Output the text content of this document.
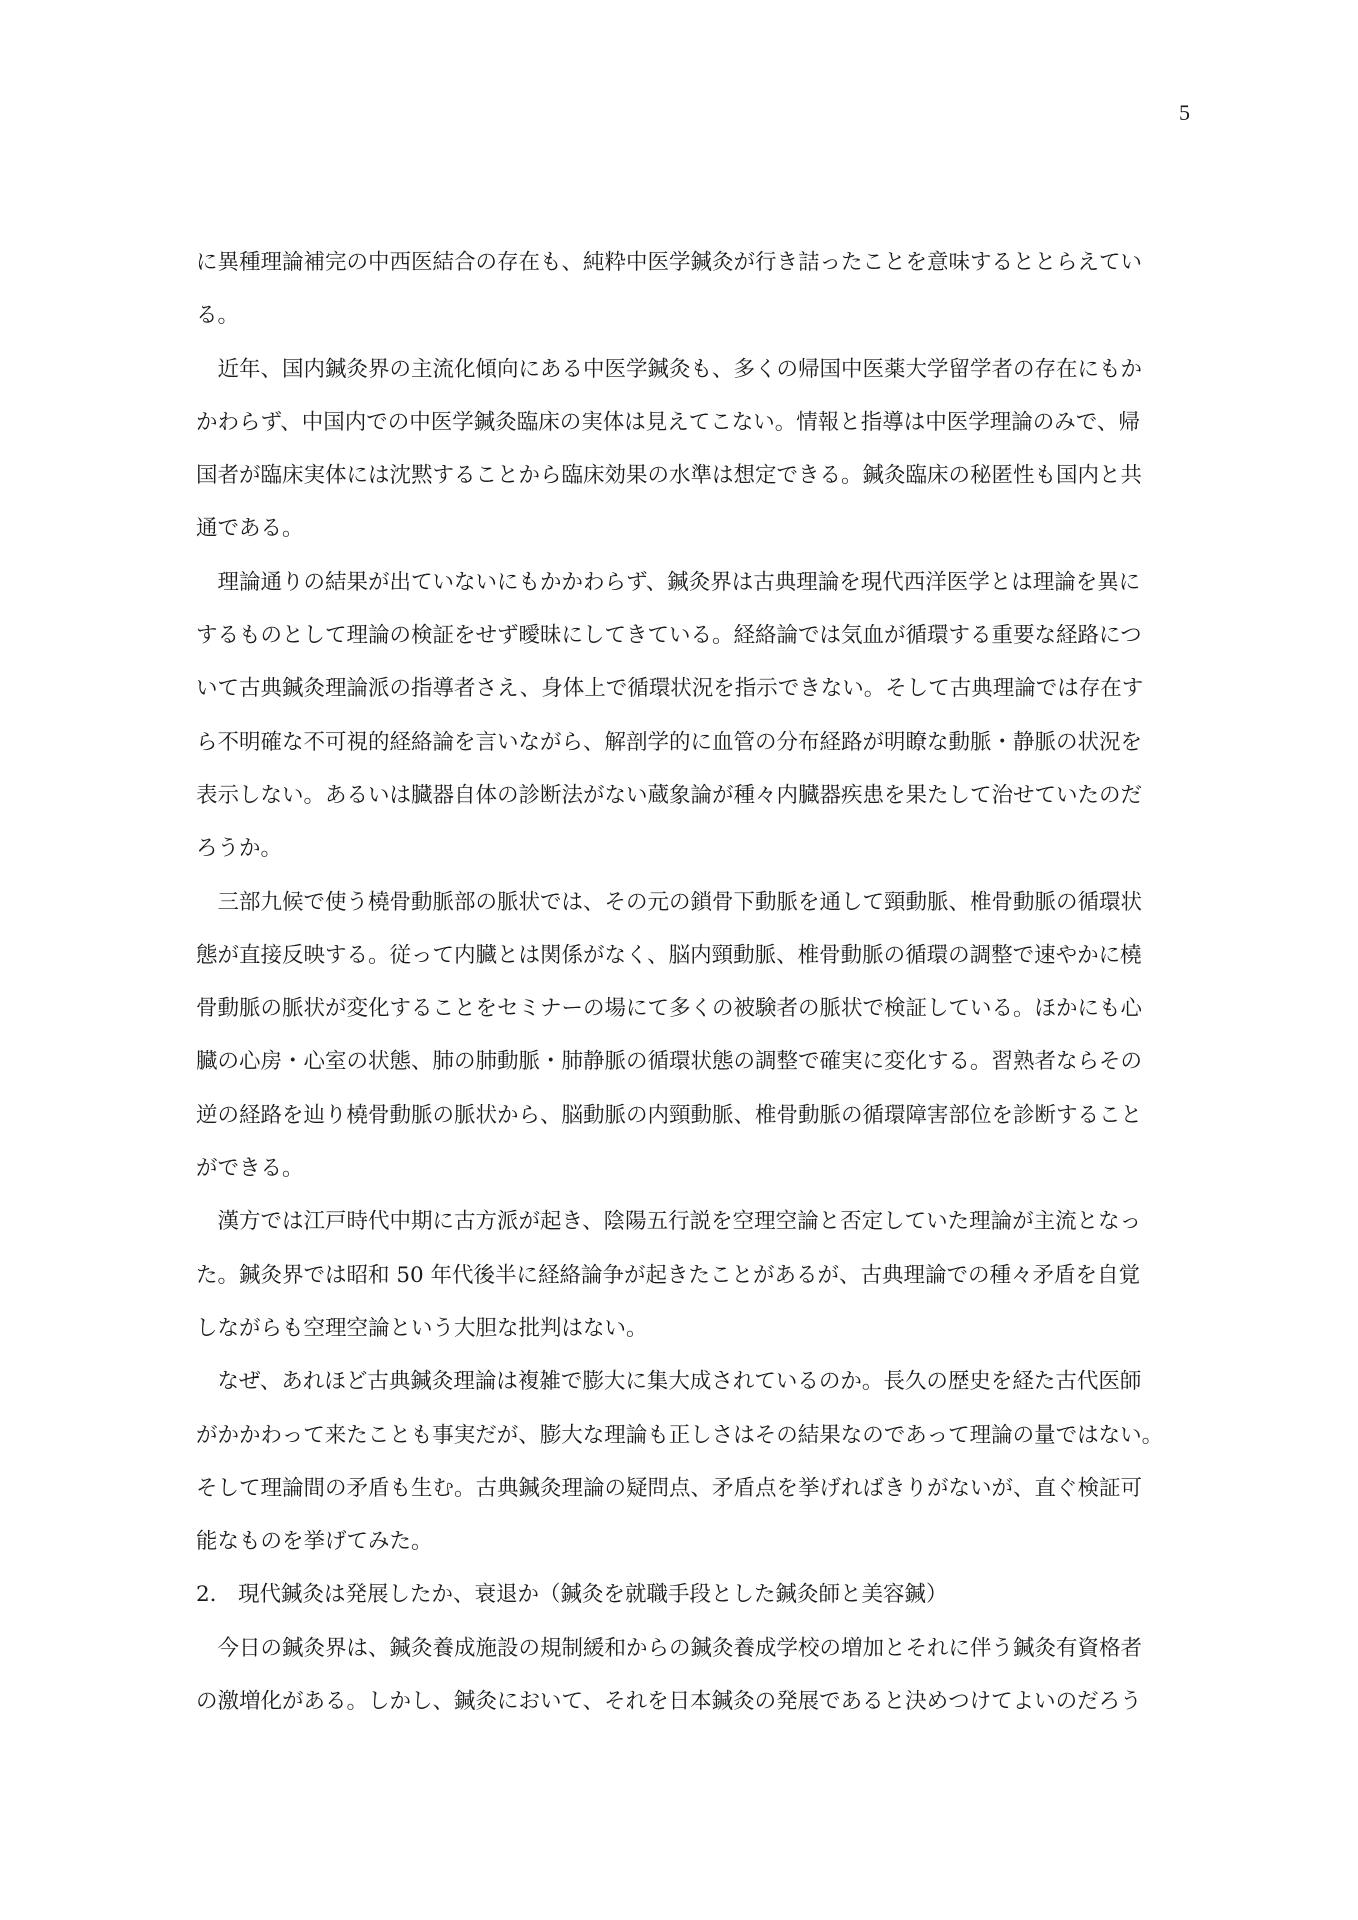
5
に異種理論補完の中西医結合の存在も、純粋中医学鍼灸が行き詰ったことを意味するととらえてい
る。
　近年、国内鍼灸界の主流化傾向にある中医学鍼灸も、多くの帰国中医薬大学留学者の存在にもか
かわらず、中国内での中医学鍼灸臨床の実体は見えてこない。情報と指導は中医学理論のみで、帰
国者が臨床実体には沈黙することから臨床効果の水準は想定できる。鍼灸臨床の秘匿性も国内と共
通である。
　理論通りの結果が出ていないにもかかわらず、鍼灸界は古典理論を現代西洋医学とは理論を異に
するものとして理論の検証をせず曖昧にしてきている。経絡論では気血が循環する重要な経路につ
いて古典鍼灸理論派の指導者さえ、身体上で循環状況を指示できない。そして古典理論では存在す
ら不明確な不可視的経絡論を言いながら、解剖学的に血管の分布経路が明瞭な動脈・静脈の状況を
表示しない。あるいは臓器自体の診断法がない蔵象論が種々内臓器疾患を果たして治せていたのだ
ろうか。
　三部九候で使う橈骨動脈部の脈状では、その元の鎖骨下動脈を通して頸動脈、椎骨動脈の循環状
態が直接反映する。従って内臓とは関係がなく、脳内頸動脈、椎骨動脈の循環の調整で速やかに橈
骨動脈の脈状が変化することをセミナーの場にて多くの被験者の脈状で検証している。ほかにも心
臓の心房・心室の状態、肺の肺動脈・肺静脈の循環状態の調整で確実に変化する。習熟者ならその
逆の経路を辿り橈骨動脈の脈状から、脳動脈の内頸動脈、椎骨動脈の循環障害部位を診断すること
ができる。
　漢方では江戸時代中期に古方派が起き、陰陽五行説を空理空論と否定していた理論が主流となっ
た。鍼灸界では昭和 50 年代後半に経絡論争が起きたことがあるが、古典理論での種々矛盾を自覚
しながらも空理空論という大胆な批判はない。
　なぜ、あれほど古典鍼灸理論は複雑で膨大に集大成されているのか。長久の歴史を経た古代医師
がかかわって来たことも事実だが、膨大な理論も正しさはその結果なのであって理論の量ではない。
そして理論間の矛盾も生む。古典鍼灸理論の疑問点、矛盾点を挙げればきりがないが、直ぐ検証可
能なものを挙げてみた。
2.　現代鍼灸は発展したか、衰退か（鍼灸を就職手段とした鍼灸師と美容鍼）
　今日の鍼灸界は、鍼灸養成施設の規制緩和からの鍼灸養成学校の増加とそれに伴う鍼灸有資格者
の激増化がある。しかし、鍼灸において、それを日本鍼灸の発展であると決めつけてよいのだろう
